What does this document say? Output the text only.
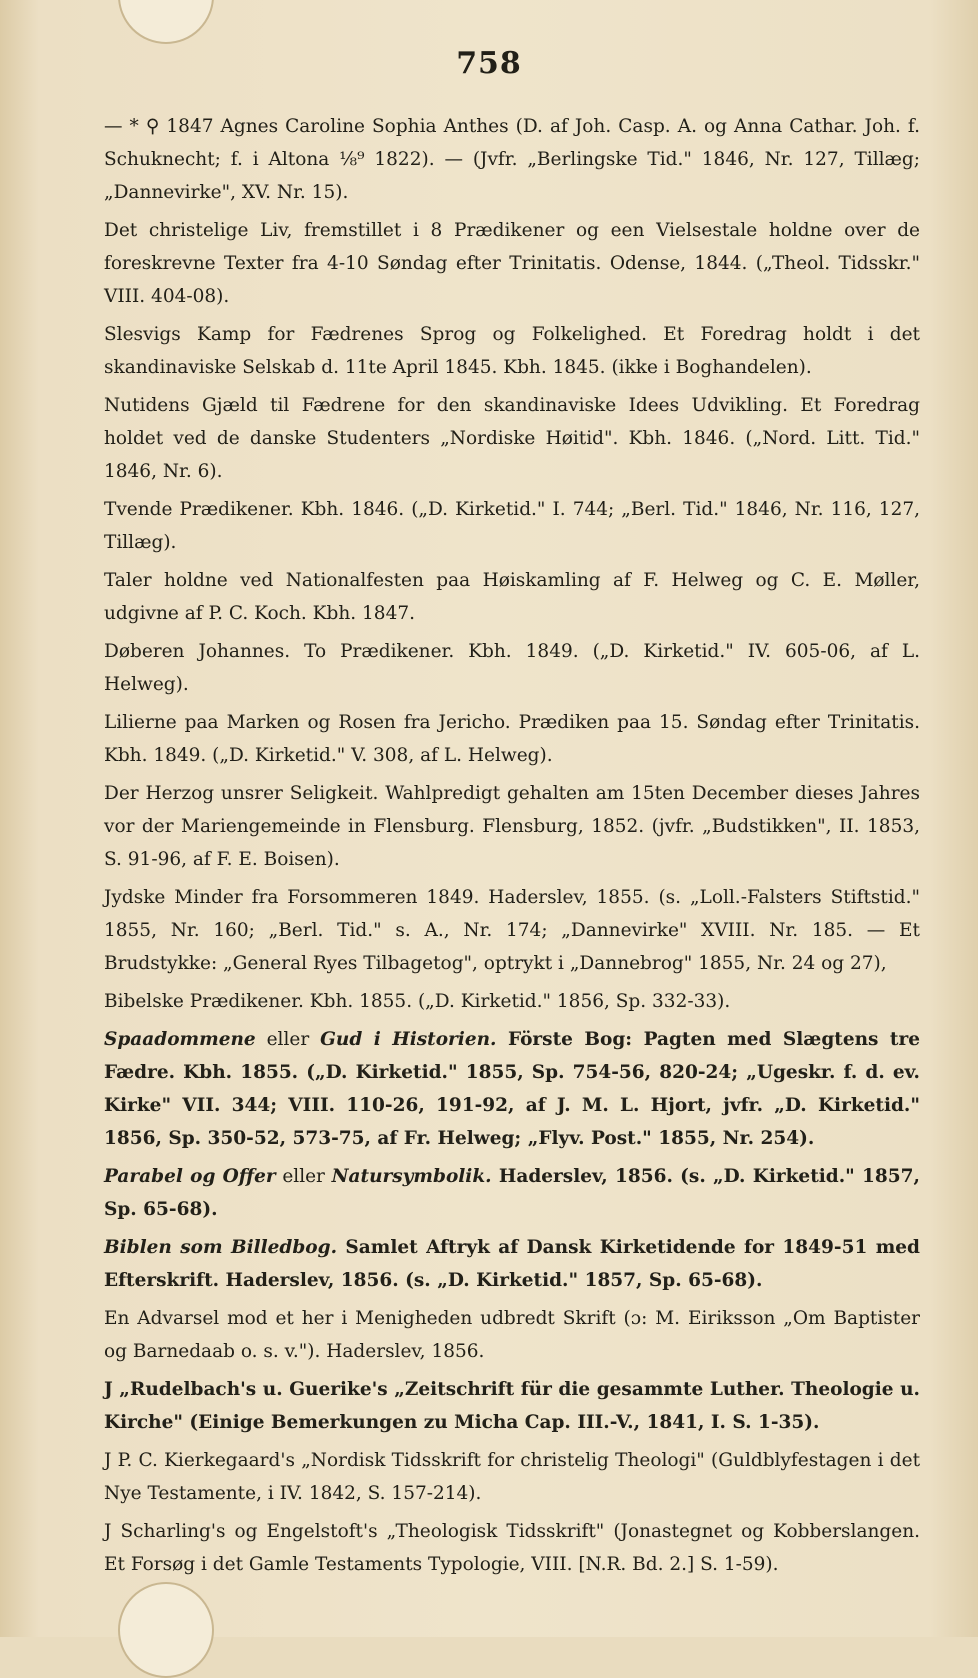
758

— * ⚲ 1847 Agnes Caroline Sophia Anthes (D. af Joh. Casp. A. og Anna Cathar. Joh. f. Schuknecht; f. i Altona ⅛⁹ 1822). — (Jvfr. „Berlingske Tid." 1846, Nr. 127, Tillæg; „Dannevirke", XV. Nr. 15).

Det christelige Liv, fremstillet i 8 Prædikener og een Vielsestale holdne over de foreskrevne Texter fra 4-10 Søndag efter Trinitatis. Odense, 1844. („Theol. Tidsskr." VIII. 404-08).

Slesvigs Kamp for Fædrenes Sprog og Folkelighed. Et Foredrag holdt i det skandinaviske Selskab d. 11te April 1845. Kbh. 1845. (ikke i Boghandelen).

Nutidens Gjæld til Fædrene for den skandinaviske Idees Udvikling. Et Foredrag holdet ved de danske Studenters „Nordiske Høitid". Kbh. 1846. („Nord. Litt. Tid." 1846, Nr. 6).

Tvende Prædikener. Kbh. 1846. („D. Kirketid." I. 744; „Berl. Tid." 1846, Nr. 116, 127, Tillæg).

Taler holdne ved Nationalfesten paa Høiskamling af F. Helweg og C. E. Møller, udgivne af P. C. Koch. Kbh. 1847.

Døberen Johannes. To Prædikener. Kbh. 1849. („D. Kirketid." IV. 605-06, af L. Helweg).

Lilierne paa Marken og Rosen fra Jericho. Prædiken paa 15. Søndag efter Trinitatis. Kbh. 1849. („D. Kirketid." V. 308, af L. Helweg).

Der Herzog unsrer Seligkeit. Wahlpredigt gehalten am 15ten December dieses Jahres vor der Mariengemeinde in Flensburg. Flensburg, 1852. (jvfr. „Budstikken", II. 1853, S. 91-96, af F. E. Boisen).

Jydske Minder fra Forsommeren 1849. Haderslev, 1855. (s. „Loll.-Falsters Stiftstid." 1855, Nr. 160; „Berl. Tid." s. A., Nr. 174; „Dannevirke" XVIII. Nr. 185. — Et Brudstykke: „General Ryes Tilbagetog", optrykt i „Dannebrog" 1855, Nr. 24 og 27),

Bibelske Prædikener. Kbh. 1855. („D. Kirketid." 1856, Sp. 332-33).

Spaadommene eller Gud i Historien. Förste Bog: Pagten med Slægtens tre Fædre. Kbh. 1855. („D. Kirketid." 1855, Sp. 754-56, 820-24; „Ugeskr. f. d. ev. Kirke" VII. 344; VIII. 110-26, 191-92, af J. M. L. Hjort, jvfr. „D. Kirketid." 1856, Sp. 350-52, 573-75, af Fr. Helweg; „Flyv. Post." 1855, Nr. 254).

Parabel og Offer eller Natursymbolik. Haderslev, 1856. (s. „D. Kirketid." 1857, Sp. 65-68).

Biblen som Billedbog. Samlet Aftryk af Dansk Kirketidende for 1849-51 med Efterskrift. Haderslev, 1856. (s. „D. Kirketid." 1857, Sp. 65-68).

En Advarsel mod et her i Menigheden udbredt Skrift (ɔ: M. Eiriksson „Om Baptister og Barnedaab o. s. v."). Haderslev, 1856.

J „Rudelbach's u. Guerike's „Zeitschrift für die gesammte Luther. Theologie u. Kirche" (Einige Bemerkungen zu Micha Cap. III.-V., 1841, I. S. 1-35).

J P. C. Kierkegaard's „Nordisk Tidsskrift for christelig Theologi" (Guldblyfestagen i det Nye Testamente, i IV. 1842, S. 157-214).

J Scharling's og Engelstoft's „Theologisk Tidsskrift" (Jonastegnet og Kobberslangen. Et Forsøg i det Gamle Testaments Typologie, VIII. [N.R. Bd. 2.] S. 1-59).
